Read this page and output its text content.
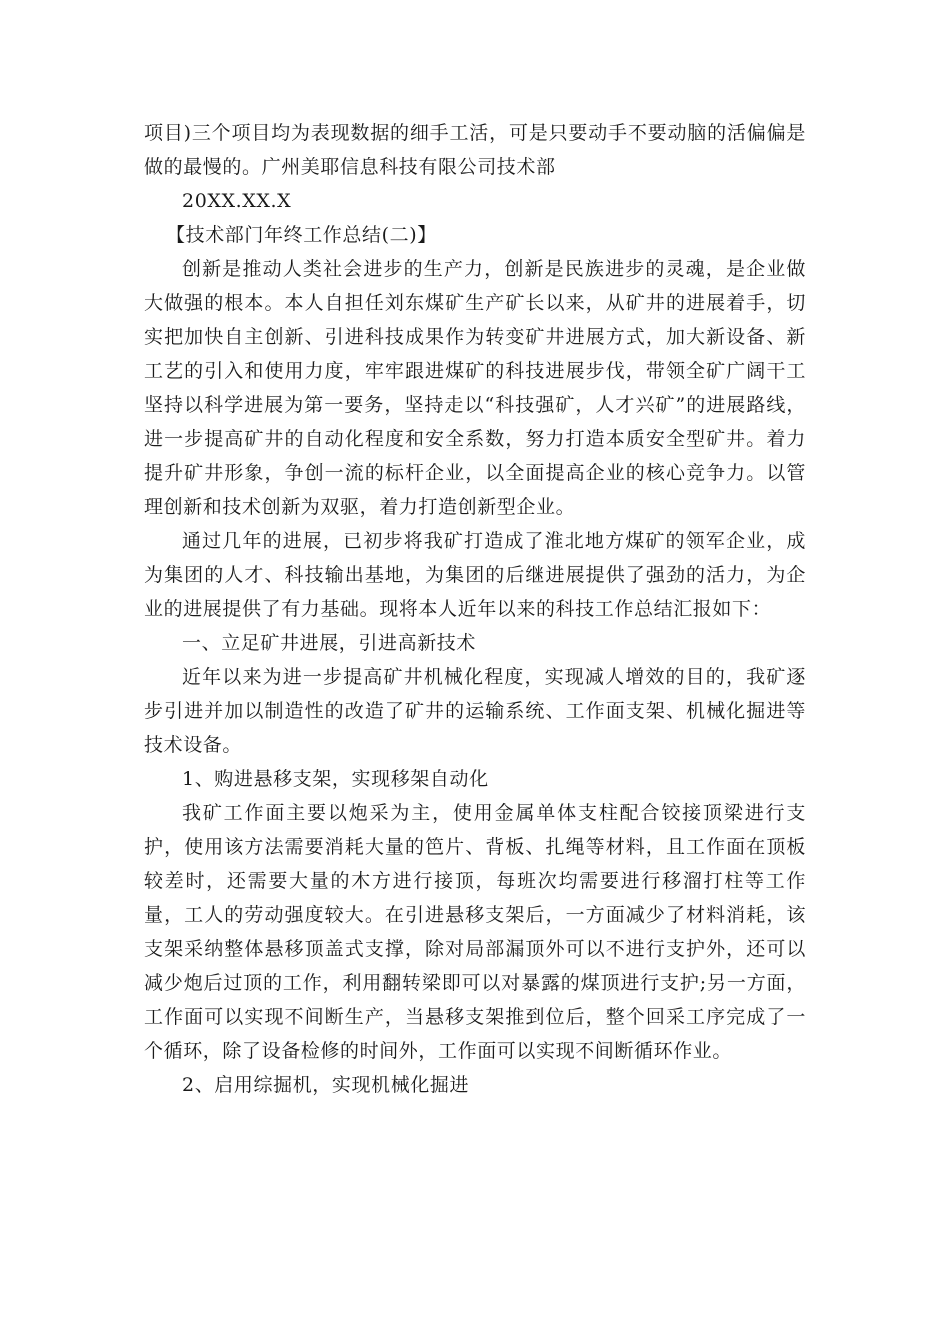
项目)三个项目均为表现数据的细手工活，可是只要动手不要动脑的活偏偏是做的最慢的。广州美耶信息科技有限公司技术部

20XX.XX.X

【技术部门年终工作总结(二)】

创新是推动人类社会进步的生产力，创新是民族进步的灵魂，是企业做大做强的根本。本人自担任刘东煤矿生产矿长以来，从矿井的进展着手，切实把加快自主创新、引进科技成果作为转变矿井进展方式，加大新设备、新工艺的引入和使用力度，牢牢跟进煤矿的科技进展步伐，带领全矿广阔干工坚持以科学进展为第一要务，坚持走以“科技强矿，人才兴矿”的进展路线，进一步提高矿井的自动化程度和安全系数，努力打造本质安全型矿井。着力提升矿井形象，争创一流的标杆企业，以全面提高企业的核心竞争力。以管理创新和技术创新为双驱，着力打造创新型企业。

通过几年的进展，已初步将我矿打造成了淮北地方煤矿的领军企业，成为集团的人才、科技输出基地，为集团的后继进展提供了强劲的活力，为企业的进展提供了有力基础。现将本人近年以来的科技工作总结汇报如下：

一、立足矿井进展，引进高新技术

近年以来为进一步提高矿井机械化程度，实现减人增效的目的，我矿逐步引进并加以制造性的改造了矿井的运输系统、工作面支架、机械化掘进等技术设备。

1、购进悬移支架，实现移架自动化

我矿工作面主要以炮采为主，使用金属单体支柱配合铰接顶梁进行支护，使用该方法需要消耗大量的笆片、背板、扎绳等材料，且工作面在顶板较差时，还需要大量的木方进行接顶，每班次均需要进行移溜打柱等工作量，工人的劳动强度较大。在引进悬移支架后，一方面减少了材料消耗，该支架采纳整体悬移顶盖式支撑，除对局部漏顶外可以不进行支护外，还可以减少炮后过顶的工作，利用翻转梁即可以对暴露的煤顶进行支护;另一方面，工作面可以实现不间断生产，当悬移支架推到位后，整个回采工序完成了一个循环，除了设备检修的时间外，工作面可以实现不间断循环作业。

2、启用综掘机，实现机械化掘进
